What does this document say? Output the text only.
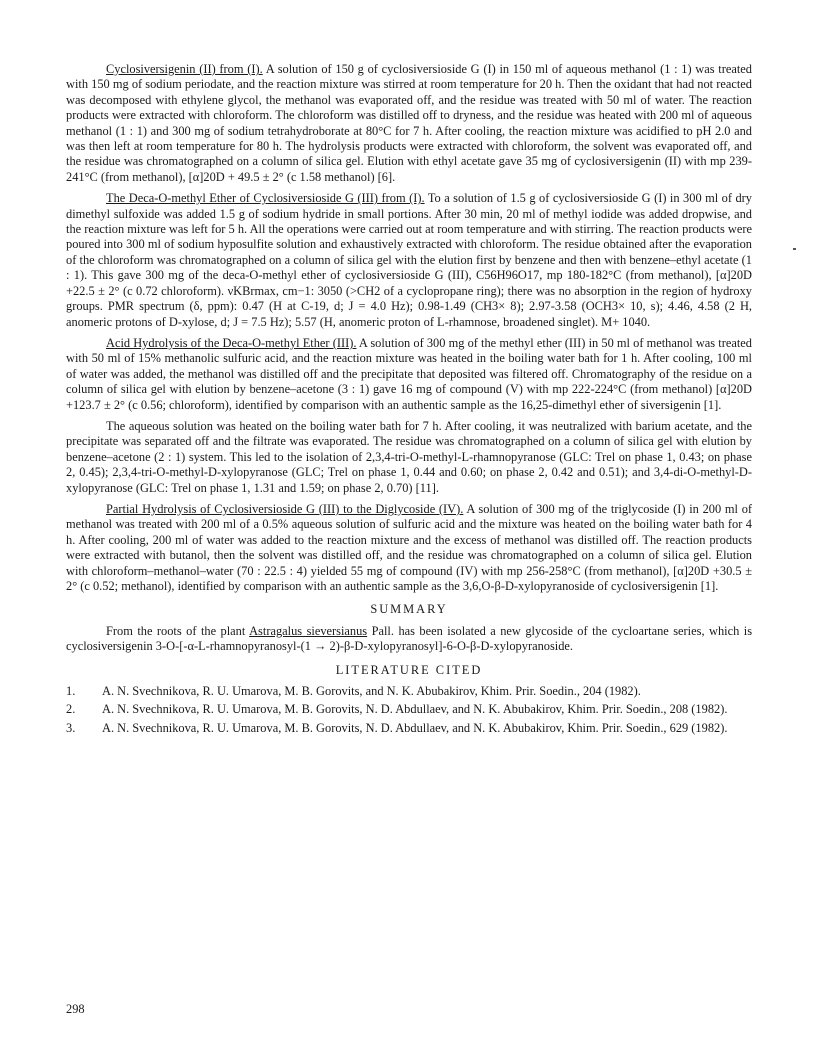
Cyclosiversigenin (II) from (I). A solution of 150 g of cyclosiversioside G (I) in 150 ml of aqueous methanol (1 : 1) was treated with 150 mg of sodium periodate, and the reaction mixture was stirred at room temperature for 20 h. Then the oxidant that had not reacted was decomposed with ethylene glycol, the methanol was evaporated off, and the residue was treated with 50 ml of water. The reaction products were extracted with chloroform. The chloroform was distilled off to dryness, and the residue was heated with 200 ml of aqueous methanol (1 : 1) and 300 mg of sodium tetrahydroborate at 80°C for 7 h. After cooling, the reaction mixture was acidified to pH 2.0 and was then left at room temperature for 80 h. The hydrolysis products were extracted with chloroform, the solvent was evaporated off, and the residue was chromatographed on a column of silica gel. Elution with ethyl acetate gave 35 mg of cyclosiversigenin (II) with mp 239-241°C (from methanol), [α]20D + 49.5 ± 2° (c 1.58 methanol) [6].

The Deca-O-methyl Ether of Cyclosiversioside G (III) from (I). To a solution of 1.5 g of cyclosiversioside G (I) in 300 ml of dry dimethyl sulfoxide was added 1.5 g of sodium hydride in small portions. After 30 min, 20 ml of methyl iodide was added dropwise, and the reaction mixture was left for 5 h. All the operations were carried out at room temperature and with stirring. The reaction products were poured into 300 ml of sodium hyposulfite solution and exhaustively extracted with chloroform. The residue obtained after the evaporation of the chloroform was chromatographed on a column of silica gel with the elution first by benzene and then with benzene–ethyl acetate (1 : 1). This gave 300 mg of the deca-O-methyl ether of cyclosiversioside G (III), C56H96O17, mp 180-182°C (from methanol), [α]20D +22.5 ± 2° (c 0.72 chloroform). νKBrmax, cm−1: 3050 (>CH2 of a cyclopropane ring); there was no absorption in the region of hydroxy groups. PMR spectrum (δ, ppm): 0.47 (H at C-19, d; J = 4.0 Hz); 0.98-1.49 (CH3× 8); 2.97-3.58 (OCH3× 10, s); 4.46, 4.58 (2 H, anomeric protons of D-xylose, d; J = 7.5 Hz); 5.57 (H, anomeric proton of L-rhamnose, broadened singlet). M+ 1040.

Acid Hydrolysis of the Deca-O-methyl Ether (III). A solution of 300 mg of the methyl ether (III) in 50 ml of methanol was treated with 50 ml of 15% methanolic sulfuric acid, and the reaction mixture was heated in the boiling water bath for 1 h. After cooling, 100 ml of water was added, the methanol was distilled off and the precipitate that deposited was filtered off. Chromatography of the residue on a column of silica gel with elution by benzene–acetone (3 : 1) gave 16 mg of compound (V) with mp 222-224°C (from methanol) [α]20D +123.7 ± 2° (c 0.56; chloroform), identified by comparison with an authentic sample as the 16,25-dimethyl ether of siversigenin [1].

The aqueous solution was heated on the boiling water bath for 7 h. After cooling, it was neutralized with barium acetate, and the precipitate was separated off and the filtrate was evaporated. The residue was chromatographed on a column of silica gel with elution by benzene–acetone (2 : 1) system. This led to the isolation of 2,3,4-tri-O-methyl-L-rhamnopyranose (GLC: Trel on phase 1, 0.43; on phase 2, 0.45); 2,3,4-tri-O-methyl-D-xylopyranose (GLC; Trel on phase 1, 0.44 and 0.60; on phase 2, 0.42 and 0.51); and 3,4-di-O-methyl-D-xylopyranose (GLC: Trel on phase 1, 1.31 and 1.59; on phase 2, 0.70) [11].

Partial Hydrolysis of Cyclosiversioside G (III) to the Diglycoside (IV). A solution of 300 mg of the triglycoside (I) in 200 ml of methanol was treated with 200 ml of a 0.5% aqueous solution of sulfuric acid and the mixture was heated on the boiling water bath for 4 h. After cooling, 200 ml of water was added to the reaction mixture and the excess of methanol was distilled off. The reaction products were extracted with butanol, then the solvent was distilled off, and the residue was chromatographed on a column of silica gel. Elution with chloroform–methanol–water (70 : 22.5 : 4) yielded 55 mg of compound (IV) with mp 256-258°C (from methanol), [α]20D +30.5 ± 2° (c 0.52; methanol), identified by comparison with an authentic sample as the 3,6,O-β-D-xylopyranoside of cyclosiversigenin [1].

SUMMARY

From the roots of the plant Astragalus sieversianus Pall. has been isolated a new glycoside of the cycloartane series, which is cyclosiversigenin 3-O-[-α-L-rhamnopyranosyl-(1 → 2)-β-D-xylopyranosyl]-6-O-β-D-xylopyranoside.

LITERATURE CITED
1.	A. N. Svechnikova, R. U. Umarova, M. B. Gorovits, and N. K. Abubakirov, Khim. Prir. Soedin., 204 (1982).
2.	A. N. Svechnikova, R. U. Umarova, M. B. Gorovits, N. D. Abdullaev, and N. K. Abubakirov, Khim. Prir. Soedin., 208 (1982).
3.	A. N. Svechnikova, R. U. Umarova, M. B. Gorovits, N. D. Abdullaev, and N. K. Abubakirov, Khim. Prir. Soedin., 629 (1982).
298
